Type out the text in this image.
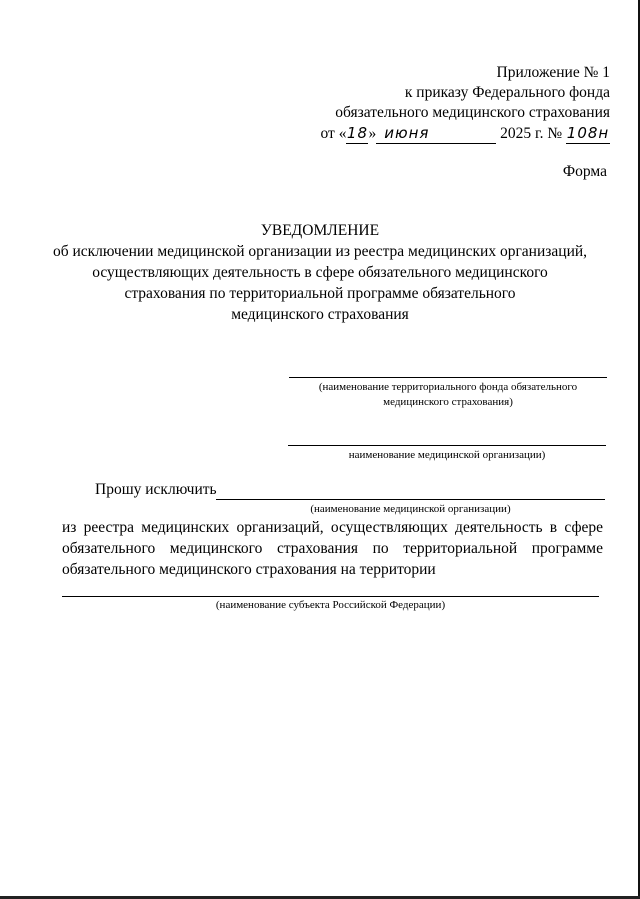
Приложение № 1
к приказу Федерального фонда
обязательного медицинского страхования
от «18» июня	2025 г. № 108н
Форма
УВЕДОМЛЕНИЕ
об исключении медицинской организации из реестра медицинских организаций,
осуществляющих деятельность в сфере обязательного медицинского
страхования по территориальной программе обязательного
медицинского страхования
(наименование территориального фонда обязательного
медицинского страхования)
наименование медицинской организации)
Прошу исключить
(наименование медицинской организации)
из реестра медицинских организаций, осуществляющих деятельность в сфере обязательного медицинского страхования по территориальной программе обязательного медицинского страхования на территории
(наименование субъекта Российской Федерации)
